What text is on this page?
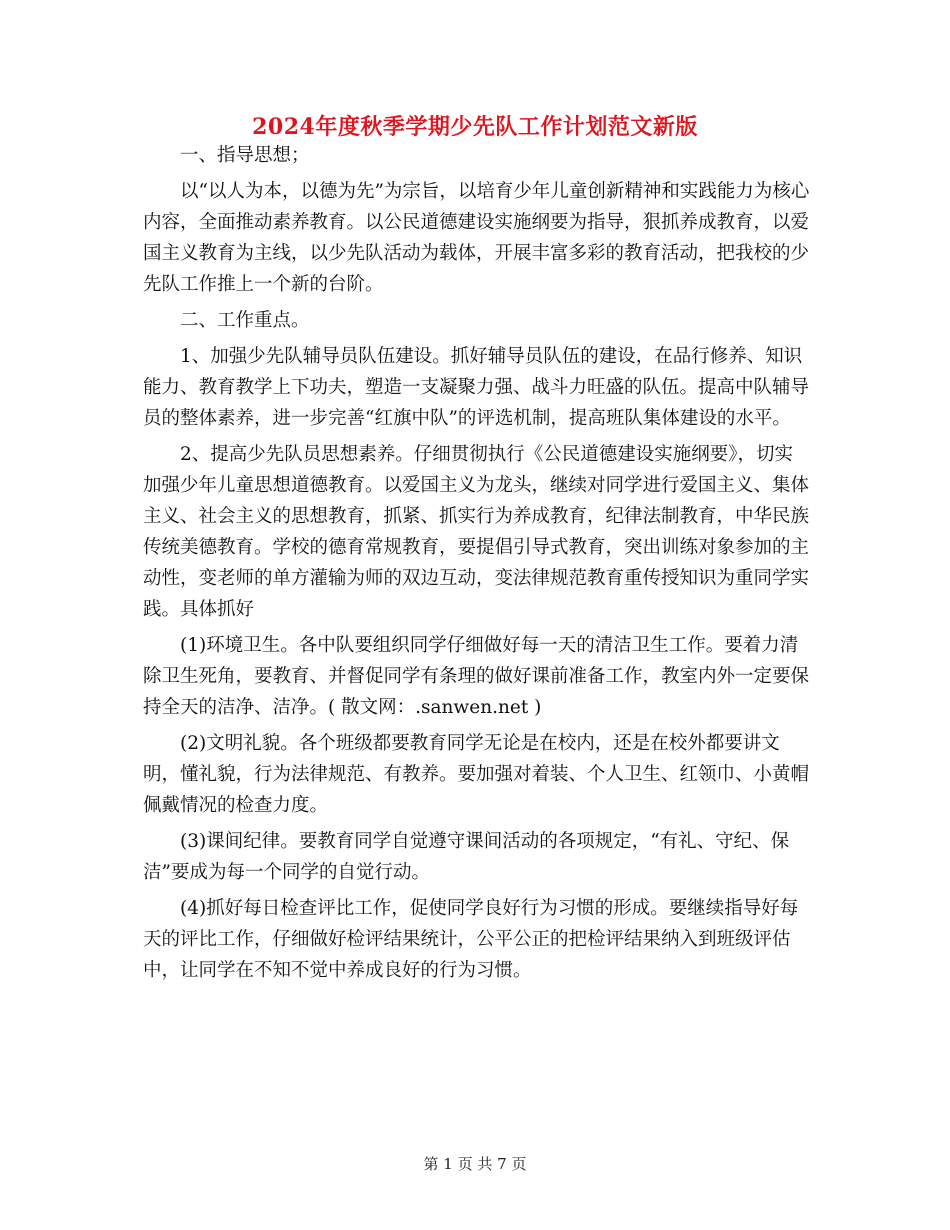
2024年度秋季学期少先队工作计划范文新版

一、指导思想；

以“以人为本，以德为先”为宗旨，以培育少年儿童创新精神和实践能力为核心内容，全面推动素养教育。以公民道德建设实施纲要为指导，狠抓养成教育，以爱国主义教育为主线，以少先队活动为载体，开展丰富多彩的教育活动，把我校的少先队工作推上一个新的台阶。

二、工作重点。

1、加强少先队辅导员队伍建设。抓好辅导员队伍的建设，在品行修养、知识能力、教育教学上下功夫，塑造一支凝聚力强、战斗力旺盛的队伍。提高中队辅导员的整体素养，进一步完善“红旗中队”的评选机制，提高班队集体建设的水平。

2、提高少先队员思想素养。仔细贯彻执行《公民道德建设实施纲要》，切实加强少年儿童思想道德教育。以爱国主义为龙头，继续对同学进行爱国主义、集体主义、社会主义的思想教育，抓紧、抓实行为养成教育，纪律法制教育，中华民族传统美德教育。学校的德育常规教育，要提倡引导式教育，突出训练对象参加的主动性，变老师的单方灌输为师的双边互动，变法律规范教育重传授知识为重同学实践。具体抓好

(1)环境卫生。各中队要组织同学仔细做好每一天的清洁卫生工作。要着力清除卫生死角，要教育、并督促同学有条理的做好课前准备工作，教室内外一定要保持全天的洁净、洁净。( 散文网：.sanwen.net )

(2)文明礼貌。各个班级都要教育同学无论是在校内，还是在校外都要讲文明，懂礼貌，行为法律规范、有教养。要加强对着装、个人卫生、红领巾、小黄帽佩戴情况的检查力度。

(3)课间纪律。要教育同学自觉遵守课间活动的各项规定，“有礼、守纪、保洁”要成为每一个同学的自觉行动。

(4)抓好每日检查评比工作，促使同学良好行为习惯的形成。要继续指导好每天的评比工作，仔细做好检评结果统计，公平公正的把检评结果纳入到班级评估中，让同学在不知不觉中养成良好的行为习惯。

第 1 页 共 7 页
